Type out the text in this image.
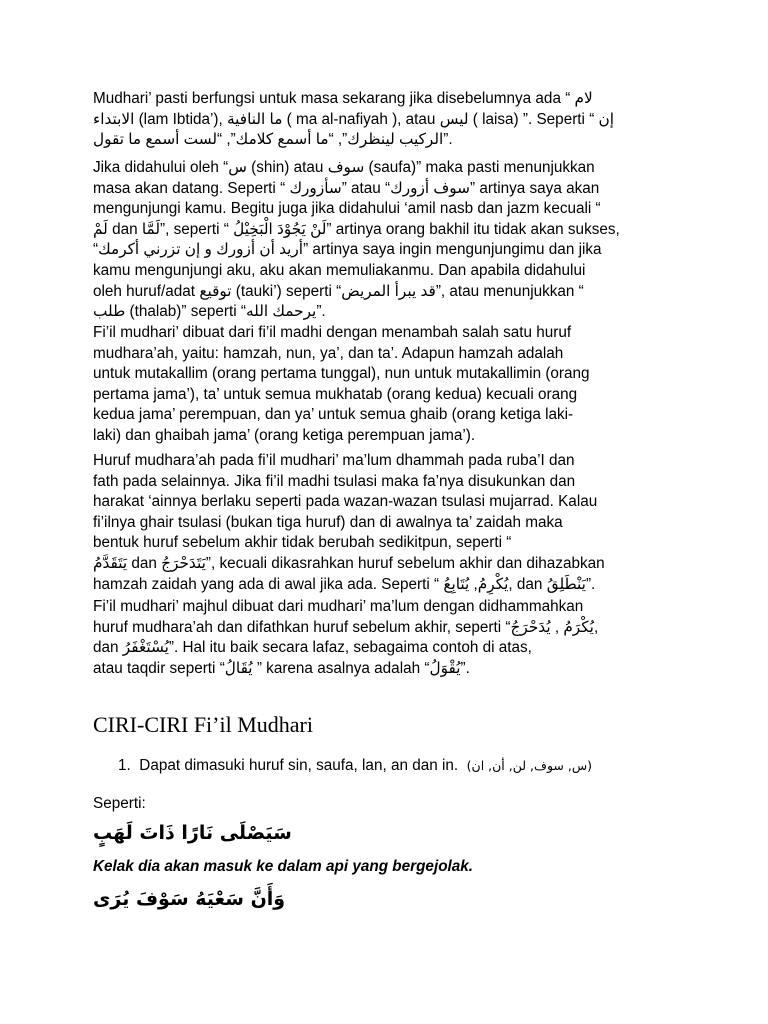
Mudhari’ pasti berfungsi untuk masa sekarang jika disebelumnya ada “ لام
الابتداء (lam Ibtida’), ما النافية ( ma al-nafiyah ), atau ليس ( laisa) ”. Seperti “ إن
الركيب لينظرك”, “ما أسمع كلامك”, “لست أسمع ما تقول”.
Jika didahului oleh “س (shin) atau سوف (saufa)” maka pasti menunjukkan
masa akan datang. Seperti “ سأزورك” atau “سوف أزورك” artinya saya akan
mengunjungi kamu. Begitu juga jika didahului ‘amil nasb dan jazm kecuali “
لَمْ dan لَمَّا”, seperti “ لَنْ يَجُوْدَ الْبَخِيْلُ” artinya orang bakhil itu tidak akan sukses,
“أريد أن أزورك و إن تزرني أكرمك” artinya saya ingin mengunjungimu dan jika
kamu mengunjungi aku, aku akan memuliakanmu. Dan apabila didahului
oleh huruf/adat توقيع (tauki’) seperti “قد يبرأ المريض”, atau menunjukkan “
طلب (thalab)” seperti “يرحمك الله”.
Fi’il mudhari’ dibuat dari fi’il madhi dengan menambah salah satu huruf
mudhara’ah, yaitu: hamzah, nun, ya’, dan ta’. Adapun hamzah adalah
untuk mutakallim (orang pertama tunggal), nun untuk mutakallimin (orang
pertama jama’), ta’ untuk semua mukhatab (orang kedua) kecuali orang
kedua jama’ perempuan, dan ya’ untuk semua ghaib (orang ketiga laki-
laki) dan ghaibah jama’ (orang ketiga perempuan jama’).
Huruf mudhara’ah pada fi’il mudhari’ ma’lum dhammah pada ruba’I dan
fath pada selainnya. Jika fi’il madhi tsulasi maka fa’nya disukunkan dan
harakat ‘ainnya berlaku seperti pada wazan-wazan tsulasi mujarrad. Kalau
fi’ilnya ghair tsulasi (bukan tiga huruf) dan di awalnya ta’ zaidah maka
bentuk huruf sebelum akhir tidak berubah sedikitpun, seperti “
يَتَقَدَّمُ dan يَتَدَحْرَجُ”, kecuali dikasrahkan huruf sebelum akhir dan dihazabkan
hamzah zaidah yang ada di awal jika ada. Seperti “ يُكْرِمُ, يُتَابِعُ, dan يَنْطَلِقُ”.
Fi’il mudhari’ majhul dibuat dari mudhari’ ma’lum dengan didhammahkan
huruf mudhara’ah dan difathkan huruf sebelum akhir, seperti “يُكْرَمُ , يُدَحْرَجُ,
dan يُسْتَغْفَرُ”. Hal itu baik secara lafaz, sebagaima contoh di atas,
atau taqdir seperti “يُقَالُ ” karena asalnya adalah “يُقْوَلُ”.
CIRI-CIRI Fi’il Mudhari
1. Dapat dimasuki huruf sin, saufa, lan, an dan in. (س, سوف, لن, أن, ان)
Seperti:
سَيَصْلَى نَارًا ذَاتَ لَهَبٍ
Kelak dia akan masuk ke dalam api yang bergejolak.
وَأَنَّ سَعْيَهُ سَوْفَ يُرَى
